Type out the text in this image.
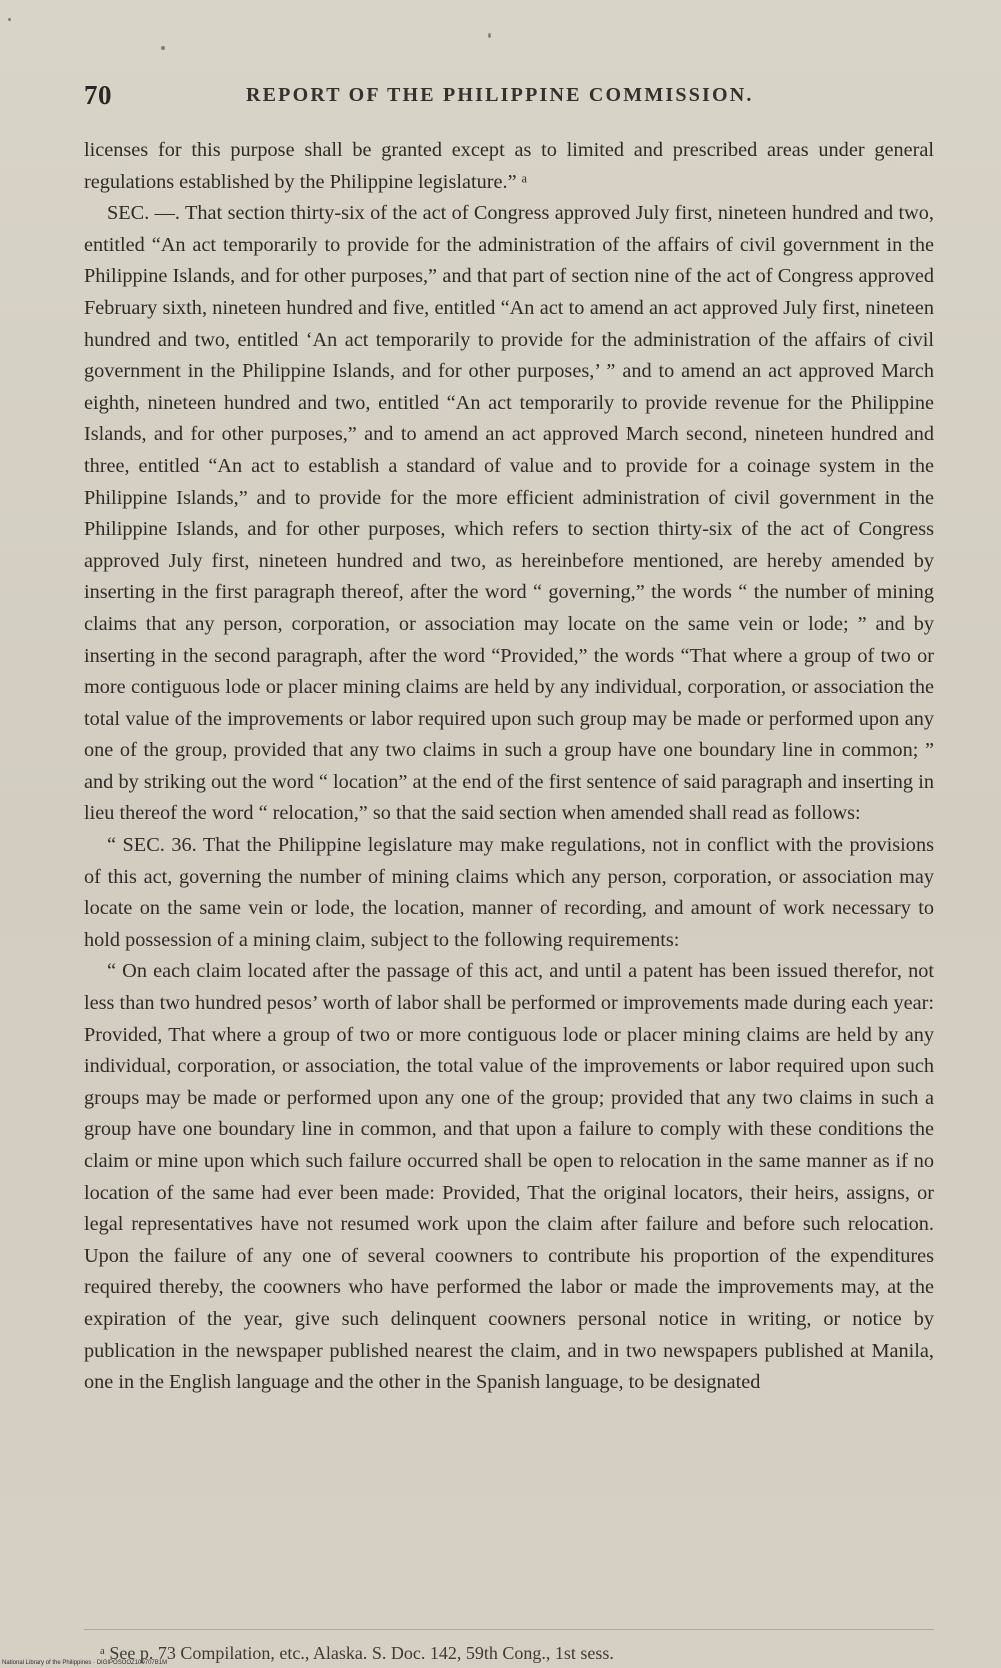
70	REPORT OF THE PHILIPPINE COMMISSION.

licenses for this purpose shall be granted except as to limited and prescribed areas under general regulations established by the Philippine legislature.” ᵃ

SEC. —. That section thirty-six of the act of Congress approved July first, nineteen hundred and two, entitled “An act temporarily to provide for the administration of the affairs of civil government in the Philippine Islands, and for other purposes,” and that part of section nine of the act of Congress approved February sixth, nineteen hundred and five, entitled “An act to amend an act approved July first, nineteen hundred and two, entitled ‘An act temporarily to provide for the administration of the affairs of civil government in the Philippine Islands, and for other purposes,’ ” and to amend an act approved March eighth, nineteen hundred and two, entitled “An act temporarily to provide revenue for the Philippine Islands, and for other purposes,” and to amend an act approved March second, nineteen hundred and three, entitled “An act to establish a standard of value and to provide for a coinage system in the Philippine Islands,” and to provide for the more efficient administration of civil government in the Philippine Islands, and for other purposes, which refers to section thirty-six of the act of Congress approved July first, nineteen hundred and two, as hereinbefore mentioned, are hereby amended by inserting in the first paragraph thereof, after the word “ governing,” the words “ the number of mining claims that any person, corporation, or association may locate on the same vein or lode; ” and by inserting in the second paragraph, after the word “Provided,” the words “That where a group of two or more contiguous lode or placer mining claims are held by any individual, corporation, or association the total value of the improvements or labor required upon such group may be made or performed upon any one of the group, provided that any two claims in such a group have one boundary line in common; ” and by striking out the word “ location” at the end of the first sentence of said paragraph and inserting in lieu thereof the word “ relocation,” so that the said section when amended shall read as follows:

“ SEC. 36. That the Philippine legislature may make regulations, not in conflict with the provisions of this act, governing the number of mining claims which any person, corporation, or association may locate on the same vein or lode, the location, manner of recording, and amount of work necessary to hold possession of a mining claim, subject to the following requirements:

“ On each claim located after the passage of this act, and until a patent has been issued therefor, not less than two hundred pesos’ worth of labor shall be performed or improvements made during each year: Provided, That where a group of two or more contiguous lode or placer mining claims are held by any individual, corporation, or association, the total value of the improvements or labor required upon such groups may be made or performed upon any one of the group; provided that any two claims in such a group have one boundary line in common, and that upon a failure to comply with these conditions the claim or mine upon which such failure occurred shall be open to relocation in the same manner as if no location of the same had ever been made: Provided, That the original locators, their heirs, assigns, or legal representatives have not resumed work upon the claim after failure and before such relocation. Upon the failure of any one of several coowners to contribute his proportion of the expenditures required thereby, the coowners who have performed the labor or made the improvements may, at the expiration of the year, give such delinquent coowners personal notice in writing, or notice by publication in the newspaper published nearest the claim, and in two newspapers published at Manila, one in the English language and the other in the Spanish language, to be designated

ᵃ See p. 73 Compilation, etc., Alaska. S. Doc. 142, 59th Cong., 1st sess.
National Library of the Philippines · DIGIPOSOOZ100707B1M
